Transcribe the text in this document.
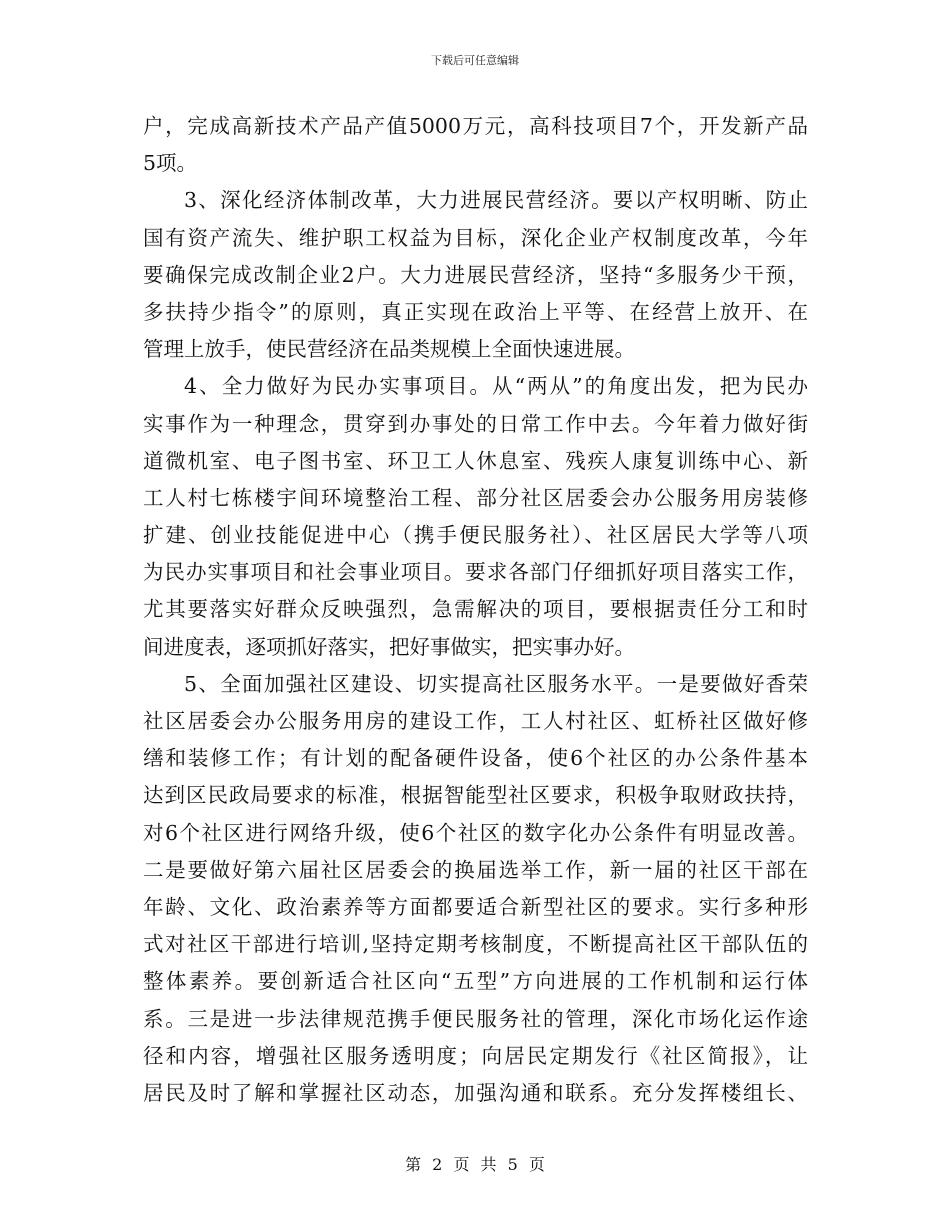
下载后可任意编辑
户，完成高新技术产品产值5000万元，高科技项目7个，开发新产品
5项。
3、深化经济体制改革，大力进展民营经济。要以产权明晰、防止
国有资产流失、维护职工权益为目标，深化企业产权制度改革，今年
要确保完成改制企业2户。大力进展民营经济，坚持“多服务少干预，
多扶持少指令”的原则，真正实现在政治上平等、在经营上放开、在
管理上放手，使民营经济在品类规模上全面快速进展。
4、全力做好为民办实事项目。从“两从”的角度出发，把为民办
实事作为一种理念，贯穿到办事处的日常工作中去。今年着力做好街
道微机室、电子图书室、环卫工人休息室、残疾人康复训练中心、新
工人村七栋楼宇间环境整治工程、部分社区居委会办公服务用房装修
扩建、创业技能促进中心（携手便民服务社）、社区居民大学等八项
为民办实事项目和社会事业项目。要求各部门仔细抓好项目落实工作，
尤其要落实好群众反映强烈，急需解决的项目，要根据责任分工和时
间进度表，逐项抓好落实，把好事做实，把实事办好。
5、全面加强社区建设、切实提高社区服务水平。一是要做好香荣
社区居委会办公服务用房的建设工作，工人村社区、虹桥社区做好修
缮和装修工作；有计划的配备硬件设备，使6个社区的办公条件基本
达到区民政局要求的标准，根据智能型社区要求，积极争取财政扶持，
对6个社区进行网络升级，使6个社区的数字化办公条件有明显改善。
二是要做好第六届社区居委会的换届选举工作，新一届的社区干部在
年龄、文化、政治素养等方面都要适合新型社区的要求。实行多种形
式对社区干部进行培训,坚持定期考核制度，不断提高社区干部队伍的
整体素养。要创新适合社区向“五型”方向进展的工作机制和运行体
系。三是进一步法律规范携手便民服务社的管理，深化市场化运作途
径和内容，增强社区服务透明度；向居民定期发行《社区简报》，让
居民及时了解和掌握社区动态，加强沟通和联系。充分发挥楼组长、
第 2 页 共 5 页
